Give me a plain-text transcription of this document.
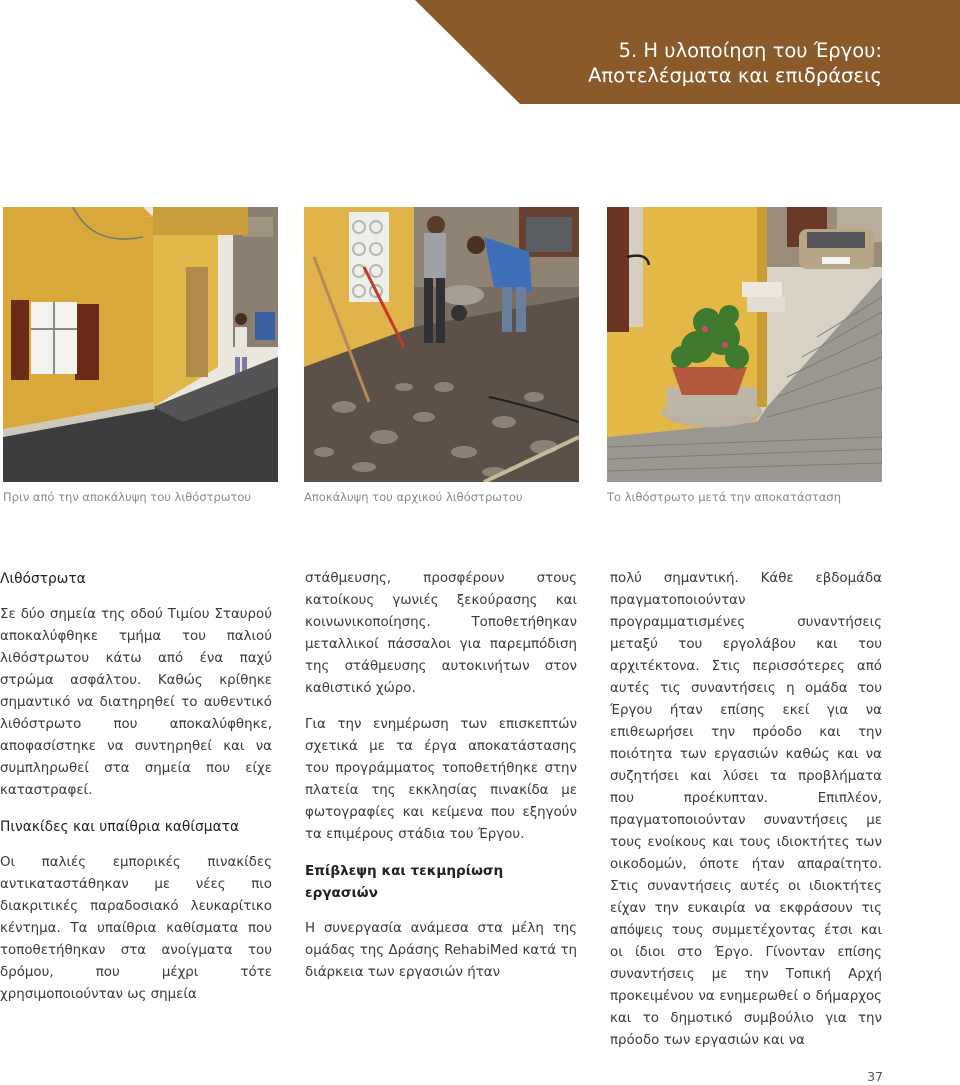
5. Η υλοποίηση του Έργου:
Αποτελέσματα και επιδράσεις
Πριν από την αποκάλυψη του λιθόστρωτου	Αποκάλυψη του αρχικού λιθόστρωτου	Το λιθόστρωτο μετά την αποκατάσταση
Λιθόστρωτα

Σε δύο σημεία της οδού Τιμίου Σταυρού αποκαλύφθηκε τμήμα του παλιού λιθόστρωτου κάτω από ένα παχύ στρώμα ασφάλτου. Καθώς κρίθηκε σημαντικό να διατηρηθεί το αυθεντικό λιθόστρωτο που αποκαλύφθηκε, αποφασίστηκε να συντηρηθεί και να συμπληρωθεί στα σημεία που είχε καταστραφεί.

Πινακίδες και υπαίθρια καθίσματα

Οι παλιές εμπορικές πινακίδες αντικαταστάθηκαν με νέες πιο διακριτικές παραδοσιακό λευκαρίτικο κέντημα. Τα υπαίθρια καθίσματα που τοποθετήθηκαν στα ανοίγματα του δρόμου, που μέχρι τότε χρησιμοποιούνταν ως σημεία

στάθμευσης, προσφέρουν στους κατοίκους γωνιές ξεκούρασης και κοινωνικοποίησης. Τοποθετήθηκαν μεταλλικοί πάσσαλοι για παρεμπόδιση της στάθμευσης αυτοκινήτων στον καθιστικό χώρο.

Για την ενημέρωση των επισκεπτών σχετικά με τα έργα αποκατάστασης του προγράμματος τοποθετήθηκε στην πλατεία της εκκλησίας πινακίδα με φωτογραφίες και κείμενα που εξηγούν τα επιμέρους στάδια του Έργου.

Επίβλεψη και τεκμηρίωση εργασιών

Η συνεργασία ανάμεσα στα μέλη της ομάδας της Δράσης RehabiMed κατά τη διάρκεια των εργασιών ήταν

πολύ σημαντική. Κάθε εβδομάδα πραγματοποιούνταν προγραμματισμένες συναντήσεις μεταξύ του εργολάβου και του αρχιτέκτονα. Στις περισσότερες από αυτές τις συναντήσεις η ομάδα του Έργου ήταν επίσης εκεί για να επιθεωρήσει την πρόοδο και την ποιότητα των εργασιών καθώς και να συζητήσει και λύσει τα προβλήματα που προέκυπταν. Επιπλέον, πραγματοποιούνταν συναντήσεις με τους ενοίκους και τους ιδιοκτήτες των οικοδομών, όποτε ήταν απαραίτητο. Στις συναντήσεις αυτές οι ιδιοκτήτες είχαν την ευκαιρία να εκφράσουν τις απόψεις τους συμμετέχοντας έτσι και οι ίδιοι στο Έργο. Γίνονταν επίσης συναντήσεις με την Τοπική Αρχή προκειμένου να ενημερωθεί ο δήμαρχος και το δημοτικό συμβούλιο για την πρόοδο των εργασιών και να

37
